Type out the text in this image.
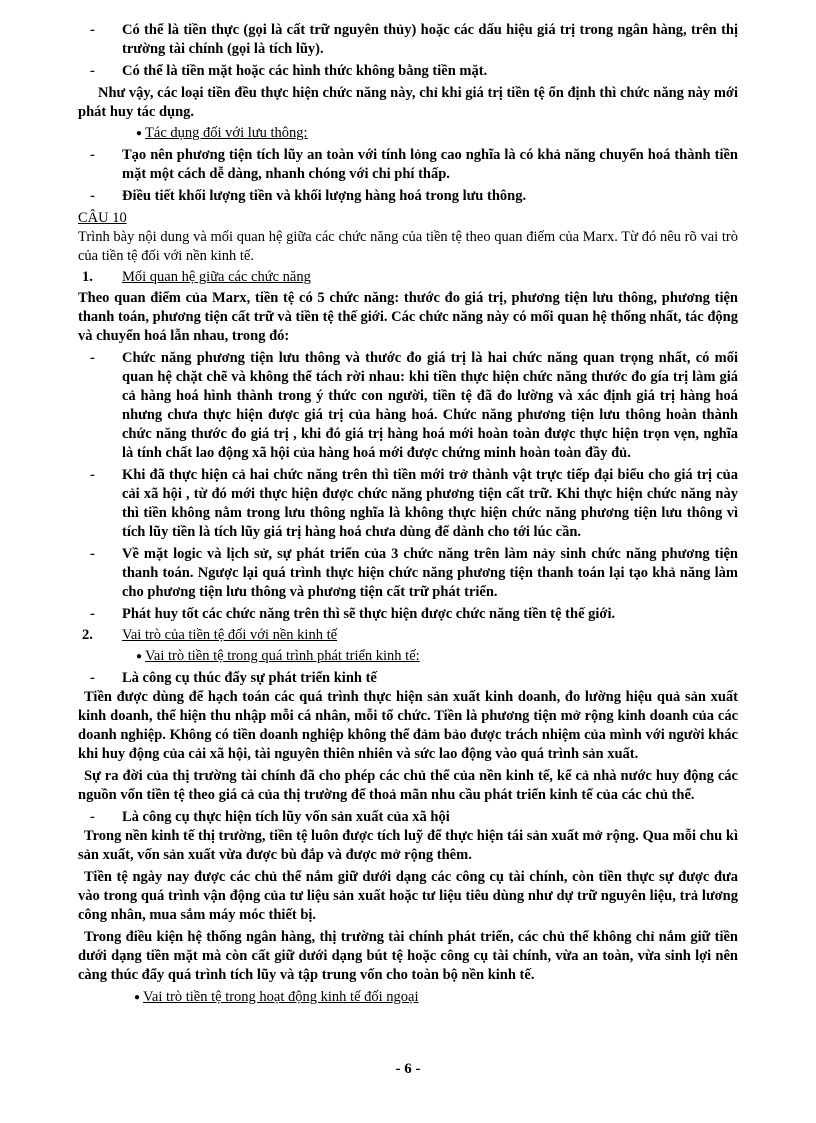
- Có thể là tiền thực (gọi là cất trữ nguyên thủy) hoặc các dấu hiệu giá trị trong ngân hàng, trên thị trường tài chính (gọi là tích lũy).

- Có thể là tiền mặt hoặc các hình thức không bằng tiền mặt.

Như vậy, các loại tiền đều thực hiện chức năng này, chỉ khi giá trị tiền tệ ổn định thì chức năng này mới phát huy tác dụng.

● Tác dụng đối với lưu thông:

- Tạo nên phương tiện tích lũy an toàn với tính lỏng cao nghĩa là có khả năng chuyển hoá thành tiền mặt một cách dễ dàng, nhanh chóng với chi phí thấp.

- Điều tiết khối lượng tiền và khối lượng hàng hoá trong lưu thông.

CÂU 10

Trình bày nội dung và mối quan hệ giữa các chức năng của tiền tệ theo quan điểm của Marx. Từ đó nêu rõ vai trò của tiền tệ đối với nền kinh tế.

1. Mối quan hệ giữa các chức năng

Theo quan điểm của Marx, tiền tệ có 5 chức năng: thước đo giá trị, phương tiện lưu thông, phương tiện thanh toán, phương tiện cất trữ và tiền tệ thế giới. Các chức năng này có mối quan hệ thống nhất, tác động và chuyển hoá lẫn nhau, trong đó:

- Chức năng phương tiện lưu thông và thước đo giá trị là hai chức năng quan trọng nhất, có mối quan hệ chặt chẽ và không thể tách rời nhau: khi tiền thực hiện chức năng thước đo gía trị làm giá cả hàng hoá hình thành trong ý thức con người, tiền tệ đã đo lường và xác định giá trị hàng hoá nhưng chưa thực hiện được giá trị của hàng hoá. Chức năng phương tiện lưu thông hoàn thành chức năng thước đo giá trị , khi đó giá trị hàng hoá mới hoàn toàn được thực hiện trọn vẹn, nghĩa là tính chất lao động xã hội của hàng hoá mới được chứng minh hoàn toàn đầy đủ.

- Khi đã thực hiện cả hai chức năng trên thì tiền mới trở thành vật trực tiếp đại biểu cho giá trị của cải xã hội , từ đó mới thực hiện được chức năng phương tiện cất trữ. Khi thực hiện chức năng này thì tiền không nằm trong lưu thông nghĩa là không thực hiện chức năng phương tiện lưu thông vì tích lũy tiền là tích lũy giá trị hàng hoá chưa dùng để dành cho tới lúc cần.

- Về mặt logic và lịch sử, sự phát triển của 3 chức năng trên làm nảy sinh chức năng phương tiện thanh toán. Ngược lại quá trình thực hiện chức năng phương tiện thanh toán lại tạo khả năng làm cho phương tiện lưu thông và phương tiện cất trữ phát triển.

- Phát huy tốt các chức năng trên thì sẽ thực hiện được chức năng tiền tệ thế giới.

2. Vai trò của tiền tệ đối với nền kinh tế

● Vai trò tiền tệ trong quá trình phát triển kinh tế:

- Là công cụ thúc đẩy sự phát triển kinh tế

Tiền được dùng để hạch toán các quá trình thực hiện sản xuất kinh doanh, đo lường hiệu quả sản xuất kinh doanh, thể hiện thu nhập mỗi cá nhân, mỗi tổ chức. Tiền là phương tiện mở rộng kinh doanh của các doanh nghiệp. Không có tiền doanh nghiệp không thể đảm bảo được trách nhiệm của mình với người khác khi huy động của cải xã hội, tài nguyên thiên nhiên và sức lao động vào quá trình sản xuất.

Sự ra đời của thị trường tài chính đã cho phép các chủ thể của nền kinh tế, kể cả nhà nước huy động các nguồn vốn tiền tệ theo giá cả của thị trường để thoả mãn nhu cầu phát triển kinh tế của các chủ thể.

- Là công cụ thực hiện tích lũy vốn sản xuất của xã hội

Trong nền kinh tế thị trường, tiền tệ luôn được tích luỹ để thực hiện tái sản xuất mở rộng. Qua mỗi chu kì sản xuất, vốn sản xuất vừa được bù đắp và được mở rộng thêm.

Tiền tệ ngày nay được các chủ thể nắm giữ dưới dạng các công cụ tài chính, còn tiền thực sự được đưa vào trong quá trình vận động của tư liệu sản xuất hoặc tư liệu tiêu dùng như dự trữ nguyên liệu, trả lương công nhân, mua sắm máy móc thiết bị.

Trong điều kiện hệ thống ngân hàng, thị trường tài chính phát triển, các chủ thể không chỉ nắm giữ tiền dưới dạng tiền mặt mà còn cất giữ dưới dạng bút tệ hoặc công cụ tài chính, vừa an toàn, vừa sinh lợi nên càng thúc đẩy quá trình tích lũy và tập trung vốn cho toàn bộ nền kinh tế.

● Vai trò tiền tệ trong hoạt động kinh tế đối ngoại

- 6 -
